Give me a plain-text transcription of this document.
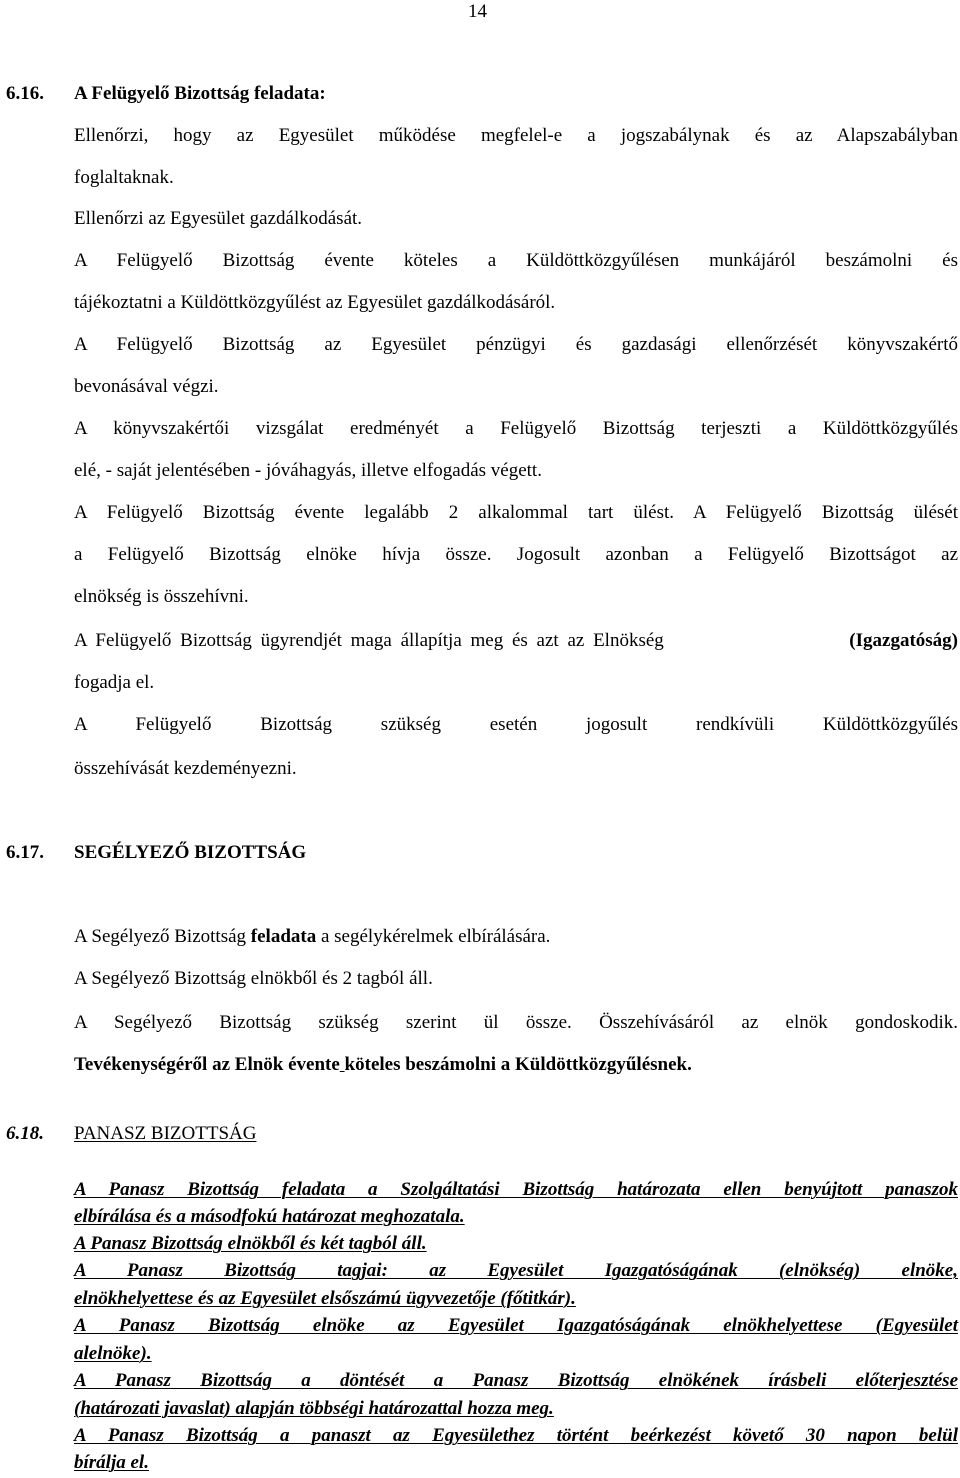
14
6.16. A Felügyelő Bizottság feladata:
Ellenőrzi, hogy az Egyesület működése megfelel-e a jogszabálynak és az Alapszabályban
foglaltaknak.
Ellenőrzi az Egyesület gazdálkodását.
A Felügyelő Bizottság évente köteles a Küldöttközgyűlésen munkájáról beszámolni és
tájékoztatni a Küldöttközgyűlést az Egyesület gazdálkodásáról.
A Felügyelő Bizottság az Egyesület pénzügyi és gazdasági ellenőrzését könyvszakértő
bevonásával végzi.
A könyvszakértői vizsgálat eredményét a Felügyelő Bizottság terjeszti a Küldöttközgyűlés
elé, - saját jelentésében - jóváhagyás, illetve elfogadás végett.
A Felügyelő Bizottság évente legalább 2 alkalommal tart ülést. A Felügyelő Bizottság ülését
a Felügyelő Bizottság elnöke hívja össze. Jogosult azonban a Felügyelő Bizottságot az
elnökség is összehívni.
A Felügyelő Bizottság ügyrendjét maga állapítja meg és azt az Elnökség	(Igazgatóság)
fogadja el.
A Felügyelő Bizottság szükség esetén jogosult rendkívüli Küldöttközgyűlés
összehívását kezdeményezni.
6.17. SEGÉLYEZŐ BIZOTTSÁG
A Segélyező Bizottság feladata a segélykérelmek elbírálására.
A Segélyező Bizottság elnökből és 2 tagból áll.
A Segélyező Bizottság szükség szerint ül össze. Összehívásáról az elnök gondoskodik.
Tevékenységéről az Elnök évente köteles beszámolni a Küldöttközgyűlésnek.
6.18. PANASZ BIZOTTSÁG
A Panasz Bizottság feladata a Szolgáltatási Bizottság határozata ellen benyújtott panaszok
elbírálása és a másodfokú határozat meghozatala.
A Panasz Bizottság elnökből és két tagból áll.
A Panasz Bizottság tagjai: az Egyesület Igazgatóságának (elnökség) elnöke,
elnökhelyettese és az Egyesület elsőszámú ügyvezetője (főtitkár).
A Panasz Bizottság elnöke az Egyesület Igazgatóságának elnökhelyettese (Egyesület
alelnöke).
A Panasz Bizottság a döntését a Panasz Bizottság elnökének írásbeli előterjesztése
(határozati javaslat) alapján többségi határozattal hozza meg.
A Panasz Bizottság a panaszt az Egyesülethez történt beérkezést követő 30 napon belül
bírálja el.
